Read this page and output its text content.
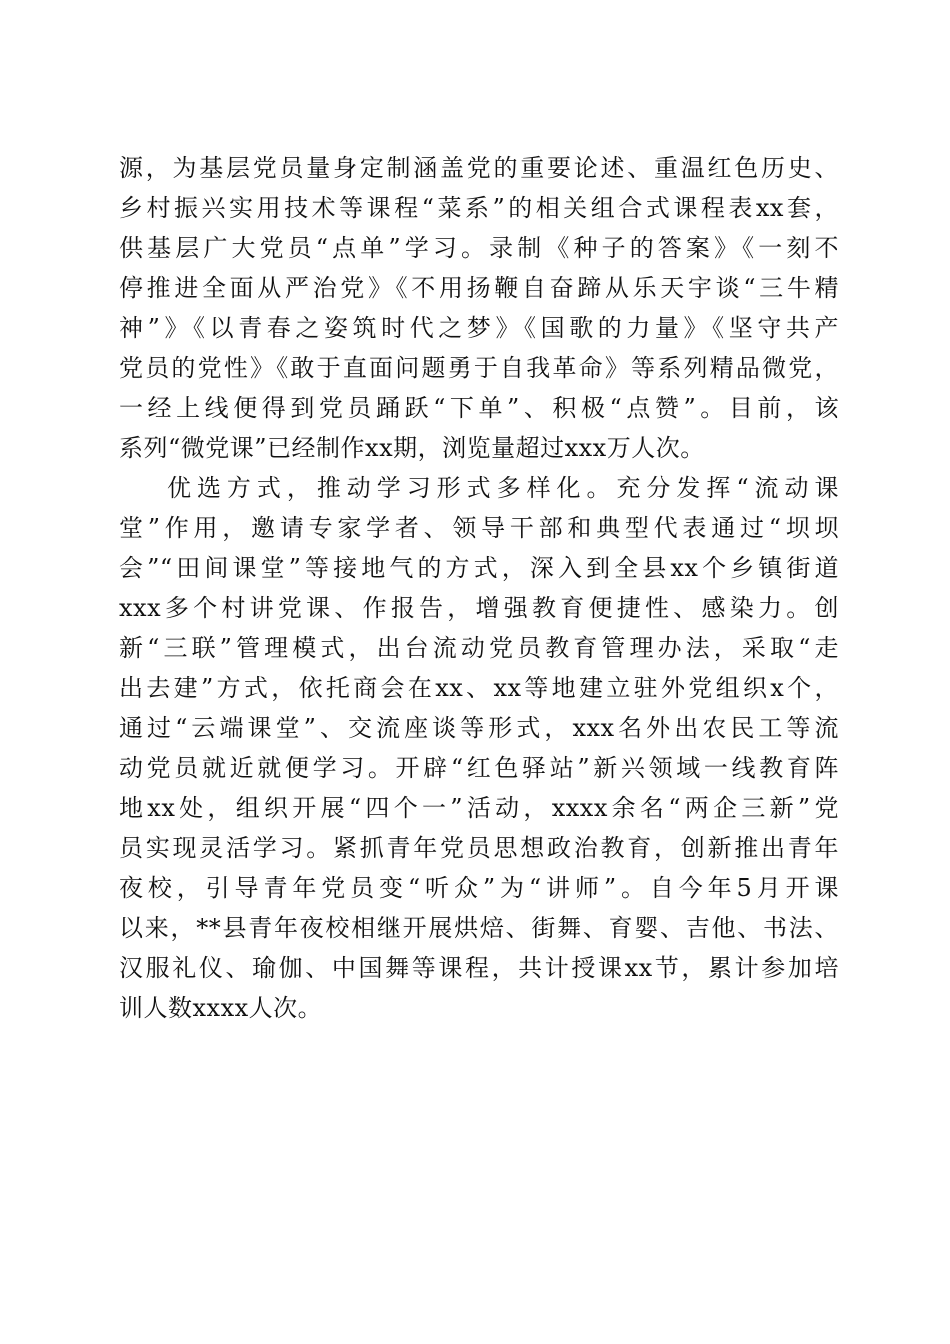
源，为基层党员量身定制涵盖党的重要论述、重温红色历史、
乡村振兴实用技术等课程“菜系”的相关组合式课程表xx套，
供基层广大党员“点单”学习。录制《种子的答案》《一刻不
停推进全面从严治党》《不用扬鞭自奋蹄从乐天宇谈“三牛精
神”》《以青春之姿筑时代之梦》《国歌的力量》《坚守共产
党员的党性》《敢于直面问题勇于自我革命》等系列精品微党，
一经上线便得到党员踊跃“下单”、积极“点赞”。目前，该
系列“微党课”已经制作xx期，浏览量超过xxx万人次。
优选方式，推动学习形式多样化。充分发挥“流动课
堂”作用，邀请专家学者、领导干部和典型代表通过“坝坝
会”“田间课堂”等接地气的方式，深入到全县xx个乡镇街道
xxx多个村讲党课、作报告，增强教育便捷性、感染力。创
新“三联”管理模式，出台流动党员教育管理办法，采取“走
出去建”方式，依托商会在xx、xx等地建立驻外党组织x个，
通过“云端课堂”、交流座谈等形式，xxx名外出农民工等流
动党员就近就便学习。开辟“红色驿站”新兴领域一线教育阵
地xx处，组织开展“四个一”活动，xxxx余名“两企三新”党
员实现灵活学习。紧抓青年党员思想政治教育，创新推出青年
夜校，引导青年党员变“听众”为“讲师”。自今年5月开课
以来，**县青年夜校相继开展烘焙、街舞、育婴、吉他、书法、
汉服礼仪、瑜伽、中国舞等课程，共计授课xx节，累计参加培
训人数xxxx人次。
